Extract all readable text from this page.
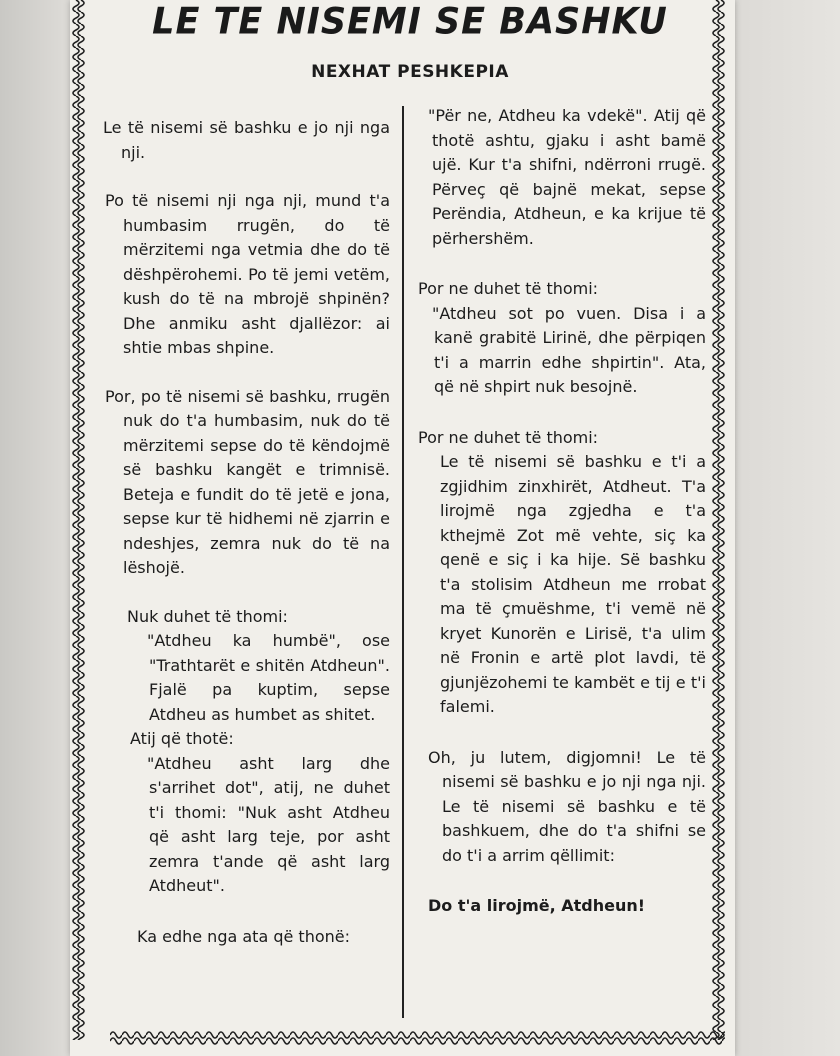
LE TE NISEMI SE BASHKU
NEXHAT PESHKEPIA

Le të nisemi së bashku e jo nji nga nji.

Po të nisemi nji nga nji, mund t'a humbasim rrugën, do të mërzitemi nga vetmia dhe do të dëshpërohemi. Po të jemi vetëm, kush do të na mbrojë shpinën? Dhe anmiku asht djallëzor: ai shtie mbas shpine.

Por, po të nisemi së bashku, rrugën nuk do t'a humbasim, nuk do të mërzitemi sepse do të këndojmë së bashku kangët e trimnisë. Beteja e fundit do të jetë e jona, sepse kur të hidhemi në zjarrin e ndeshjes, zemra nuk do të na lëshojë.

Nuk duhet të thomi:

"Atdheu ka humbë", ose "Trathtarët e shitën Atdheun". Fjalë pa kuptim, sepse Atdheu as humbet as shitet.

Atij që thotë:

"Atdheu asht larg dhe s'arrihet dot", atij, ne duhet t'i thomi: "Nuk asht Atdheu që asht larg teje, por asht zemra t'ande që asht larg Atdheut".

Ka edhe nga ata që thonë:

"Për ne, Atdheu ka vdekë". Atij që thotë ashtu, gjaku i asht bamë ujë. Kur t'a shifni, ndërroni rrugë. Përveç që bajnë mekat, sepse Perëndia, Atdheun, e ka krijue të përhershëm.

Por ne duhet të thomi:

"Atdheu sot po vuen. Disa i a kanë grabitë Lirinë, dhe përpiqen t'i a marrin edhe shpirtin". Ata, që në shpirt nuk besojnë.

Por ne duhet të thomi:

Le të nisemi së bashku e t'i a zgjidhim zinxhirët, Atdheut. T'a lirojmë nga zgjedha e t'a kthejmë Zot më vehte, siç ka qenë e siç i ka hije. Së bashku t'a stolisim Atdheun me rrobat ma të çmuëshme, t'i vemë në kryet Kunorën e Lirisë, t'a ulim në Fronin e artë plot lavdi, të gjunjëzohemi te kambët e tij e t'i falemi.

Oh, ju lutem, digjomni! Le të nisemi së bashku e jo nji nga nji. Le të nisemi së bashku e të bashkuem, dhe do t'a shifni se do t'i a arrim qëllimit:

Do t'a lirojmë, Atdheun!
